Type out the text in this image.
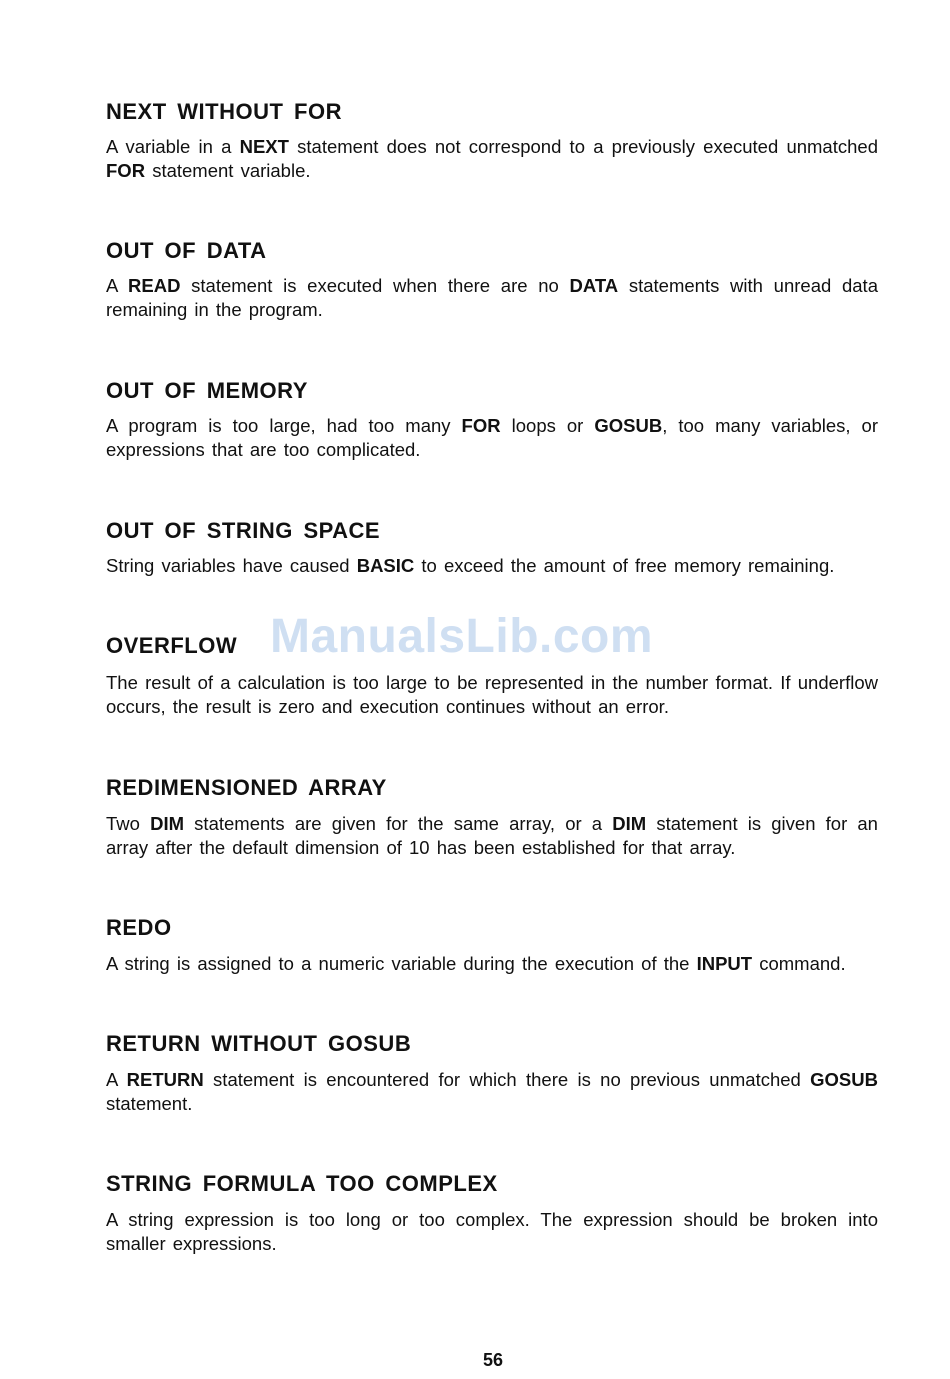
NEXT WITHOUT FOR

A variable in a NEXT statement does not correspond to a previously executed unmatched FOR statement variable.

OUT OF DATA

A READ statement is executed when there are no DATA statements with unread data remaining in the program.

OUT OF MEMORY

A program is too large, had too many FOR loops or GOSUB, too many variables, or expressions that are too complicated.

OUT OF STRING SPACE

String variables have caused BASIC to exceed the amount of free memory remaining.

ManualsLib.com
OVERFLOW

The result of a calculation is too large to be represented in the number format. If underflow occurs, the result is zero and execution continues without an error.

REDIMENSIONED ARRAY

Two DIM statements are given for the same array, or a DIM statement is given for an array after the default dimension of 10 has been established for that array.

REDO

A string is assigned to a numeric variable during the execution of the INPUT command.

RETURN WITHOUT GOSUB

A RETURN statement is encountered for which there is no previous unmatched GOSUB statement.

STRING FORMULA TOO COMPLEX

A string expression is too long or too complex. The expression should be broken into smaller expressions.

56
